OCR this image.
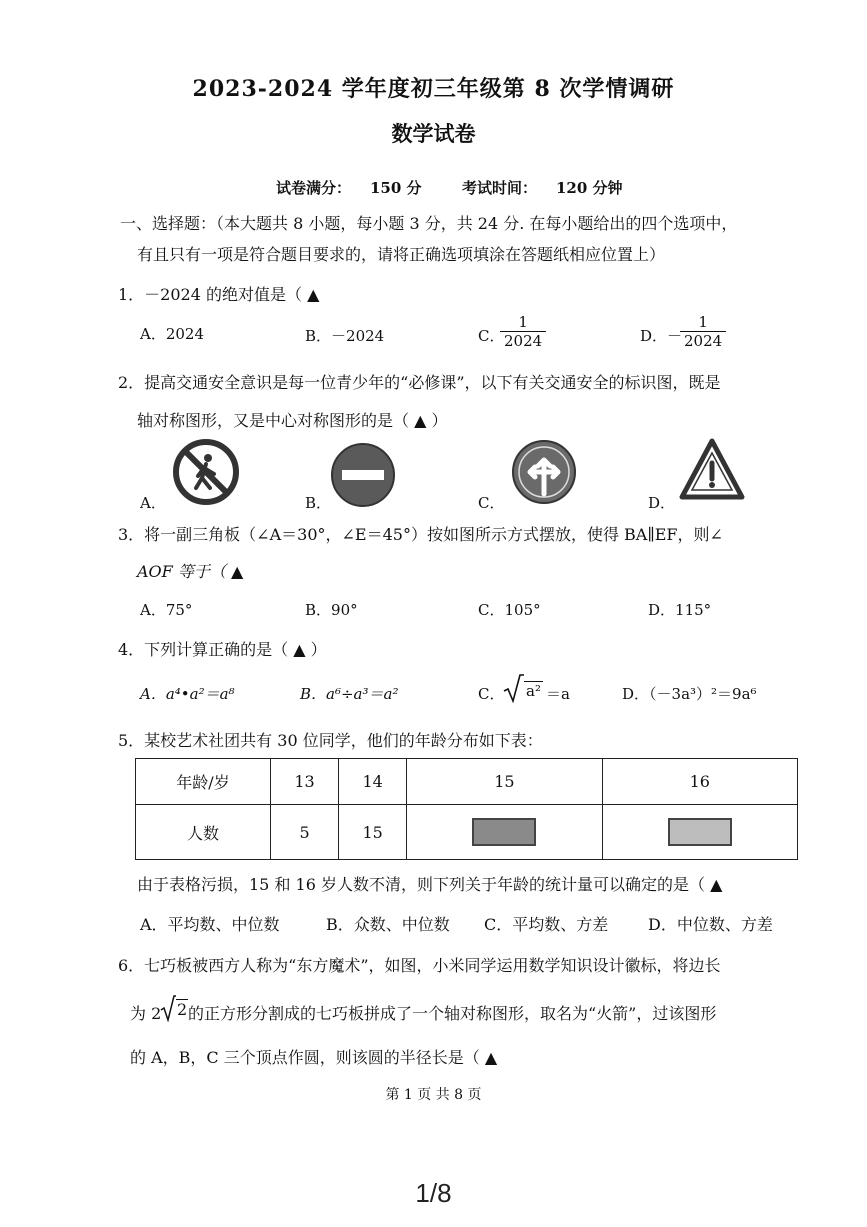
2023-2024 学年度初三年级第 8 次学情调研
数学试卷
试卷满分： 150 分	考试时间： 120 分钟
一、选择题：（本大题共 8 小题，每小题 3 分，共 24 分. 在每小题给出的四个选项中，
有且只有一项是符合题目要求的，请将正确选项填涂在答题纸相应位置上）
1．－2024 的绝对值是（ ▲
A．2024	B．－2024	C．
$\frac{1}{2024}$	D．－
$\frac{1}{2024}$
2．提高交通安全意识是每一位青少年的“必修课”，以下有关交通安全的标识图，既是
轴对称图形，又是中心对称图形的是（ ▲ ）
A．	B．	C．	D．
3．将一副三角板（∠A＝30°，∠E＝45°）按如图所示方式摆放，使得 BA∥EF，则∠
AOF 等于（ ▲
A．75°	B．90°	C．105°	D．115°
4．下列计算正确的是（ ▲ ）
A．a⁴•a²＝a⁸	B．a⁶÷a³＝a²	C． a² ＝a	D．（－3a³）²＝9a⁶
5．某校艺术社团共有 30 位同学，他们的年龄分布如下表：
年龄/岁	13	14	15	16
人数	5	15		
由于表格污损，15 和 16 岁人数不清，则下列关于年龄的统计量可以确定的是（ ▲
A．平均数、中位数	B．众数、中位数 C．平均数、方差 D．中位数、方差
6．七巧板被西方人称为“东方魔术”，如图，小米同学运用数学知识设计徽标，将边长
为 2 2 的正方形分割成的七巧板拼成了一个轴对称图形，取名为“火箭”，过该图形
的 A，B，C 三个顶点作圆，则该圆的半径长是（ ▲
第 1 页 共 8 页
1/8
